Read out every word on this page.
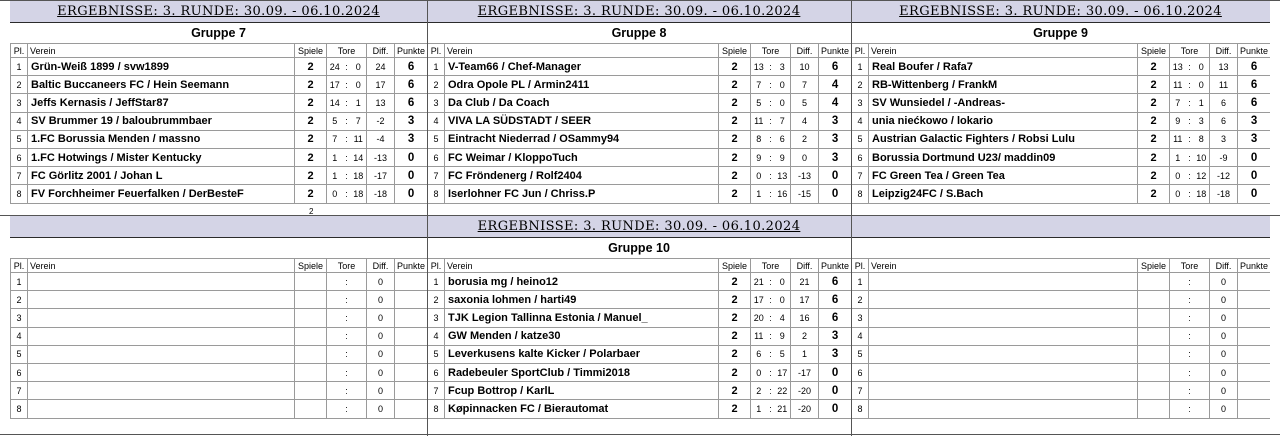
ERGEBNISSE: 3. RUNDE: 30.09. - 06.10.2024
Gruppe 7
Pl.	Verein	Spiele	Tore			Diff.	Punkte
1	Grün-Weiß 1899 / svw1899	2	24	:	0	24	6
2	Baltic Buccaneers FC / Hein Seemann	2	17	:	0	17	6
3	Jeffs Kernasis / JeffStar87	2	14	:	1	13	6
4	SV Brummer 19 / baloubrummbaer	2	5	:	7	-2	3
5	1.FC Borussia Menden / massno	2	7	:	11	-4	3
6	1.FC Hotwings / Mister Kentucky	2	1	:	14	-13	0
7	FC Görlitz 2001 / Johan L	2	1	:	18	-17	0
8	FV Forchheimer Feuerfalken / DerBesteF	2	0	:	18	-18	0
ERGEBNISSE: 3. RUNDE: 30.09. - 06.10.2024
Gruppe 8
Pl.	Verein	Spiele	Tore			Diff.	Punkte
1	V-Team66 / Chef-Manager	2	13	:	3	10	6
2	Odra Opole PL / Armin2411	2	7	:	0	7	4
3	Da Club / Da Coach	2	5	:	0	5	4
4	VIVA LA SÜDSTADT / SEER	2	11	:	7	4	3
5	Eintracht Niederrad / OSammy94	2	8	:	6	2	3
6	FC Weimar / KloppoTuch	2	9	:	9	0	3
7	FC Fröndenerg / Rolf2404	2	0	:	13	-13	0
8	Iserlohner FC Jun / Chriss.P	2	1	:	16	-15	0
ERGEBNISSE: 3. RUNDE: 30.09. - 06.10.2024
Gruppe 9
Pl.	Verein	Spiele	Tore			Diff.	Punkte
1	Real Boufer / Rafa7	2	13	:	0	13	6
2	RB-Wittenberg / FrankM	2	11	:	0	11	6
3	SV Wunsiedel / -Andreas-	2	7	:	1	6	6
4	unia niećkowo / lokario	2	9	:	3	6	3
5	Austrian Galactic Fighters / Robsi Lulu	2	11	:	8	3	3
6	Borussia Dortmund U23/ maddin09	2	1	:	10	-9	0
7	FC Green Tea / Green Tea	2	0	:	12	-12	0
8	Leipzig24FC / S.Bach	2	0	:	18	-18	0
Pl.	Verein	Spiele	Tore			Diff.	Punkte
1				:		0	
2				:		0	
3				:		0	
4				:		0	
5				:		0	
6				:		0	
7				:		0	
8				:		0	
ERGEBNISSE: 3. RUNDE: 30.09. - 06.10.2024
Gruppe 10
Pl.	Verein	Spiele	Tore			Diff.	Punkte
1	borusia mg / heino12	2	21	:	0	21	6
2	saxonia lohmen / harti49	2	17	:	0	17	6
3	TJK Legion Tallinna Estonia / Manuel_	2	20	:	4	16	6
4	GW Menden / katze30	2	11	:	9	2	3
5	Leverkusens kalte Kicker / Polarbaer	2	6	:	5	1	3
6	Radebeuler SportClub / Timmi2018	2	0	:	17	-17	0
7	Fcup Bottrop / KarlL	2	2	:	22	-20	0
8	Køpinnacken FC / Bierautomat	2	1	:	21	-20	0
Pl.	Verein	Spiele	Tore			Diff.	Punkte
1				:		0	
2				:		0	
3				:		0	
4				:		0	
5				:		0	
6				:		0	
7				:		0	
8				:		0	
2
